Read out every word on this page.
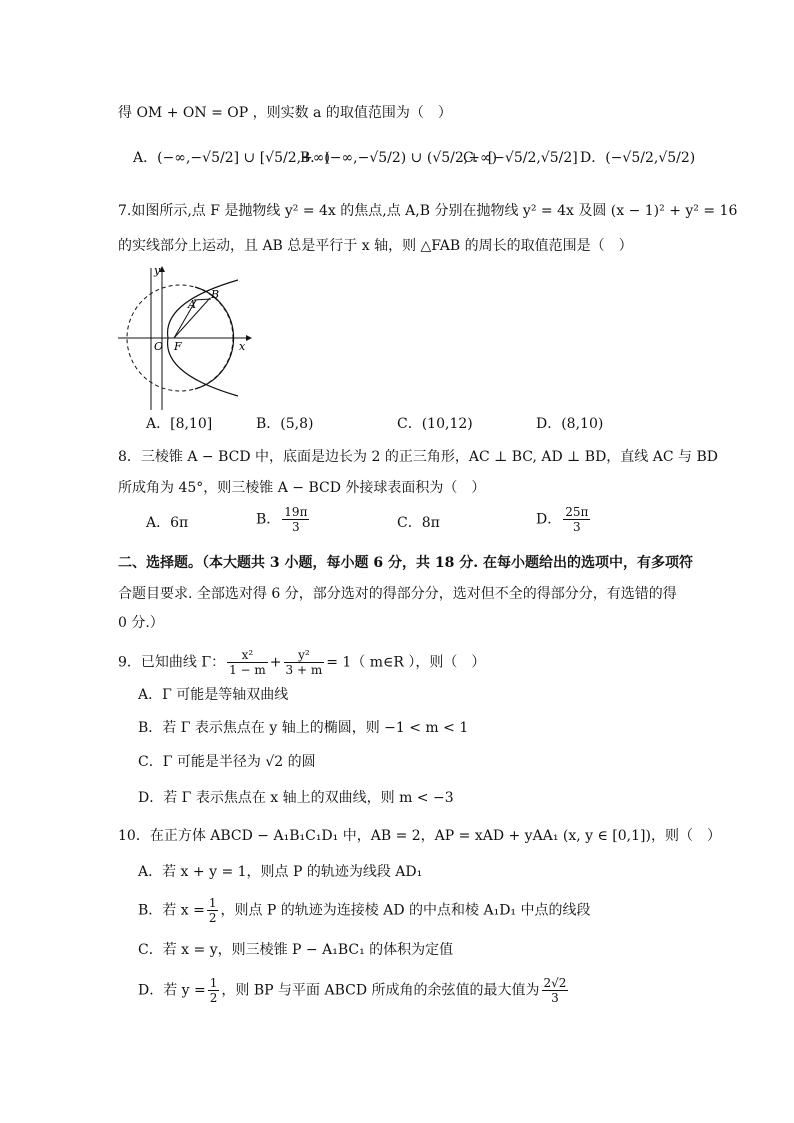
得 OM + ON = OP ，则实数 a 的取值范围为（　）
A．(−∞,−√5/2] ∪ [√5/2,+∞)
B．(−∞,−√5/2) ∪ (√5/2,+∞)
C．[−√5/2,√5/2] D．(−√5/2,√5/2)
7.如图所示,点 F 是抛物线 y² = 4x 的焦点,点 A,B 分别在抛物线 y² = 4x 及圆 (x − 1)² + y² = 16
的实线部分上运动，且 AB 总是平行于 x 轴，则 △FAB 的周长的取值范围是（　）
y
x
O F
A
B
A．[8,10]	B．(5,8)	C．(10,12)	D．(8,10)
8．三棱锥 A − BCD 中，底面是边长为 2 的正三角形，AC ⊥ BC, AD ⊥ BD，直线 AC 与 BD
所成角为 45°，则三棱锥 A − BCD 外接球表面积为（　）
A．6π	B． $\frac{19\pi}{3}$	C．8π	D． $\frac{25\pi}{3}$
二、选择题。（本大题共 3 小题，每小题 6 分，共 18 分. 在每小题给出的选项中，有多项符
合题目要求. 全部选对得 6 分，部分选对的得部分分，选对但不全的得部分分，有选错的得
0 分.）
9．已知曲线 Γ： $\frac{\text{x²}}{1 - m} + \frac{\text{y²}}{3 + m} = 1$（ m∈R ），则（　）
A．Γ 可能是等轴双曲线
B．若 Γ 表示焦点在 y 轴上的椭圆，则 −1 < m < 1
C．Γ 可能是半径为 √2 的圆
D．若 Γ 表示焦点在 x 轴上的双曲线，则 m < −3
10．在正方体 ABCD − A₁B₁C₁D₁ 中，AB = 2，AP = xAD + yAA₁ (x, y ∈ [0,1])，则（　）
A．若 x + y = 1，则点 P 的轨迹为线段 AD₁
B．若 $x = \frac{1}{2}$ ，则点 P 的轨迹为连接棱 AD 的中点和棱 A₁D₁ 中点的线段
C．若 x = y，则三棱锥 P − A₁BC₁ 的体积为定值
D．若 $y = \frac{1}{2}$ ，则 BP 与平面 ABCD 所成角的余弦值的最大值为 $\frac{2√2}{3}$
